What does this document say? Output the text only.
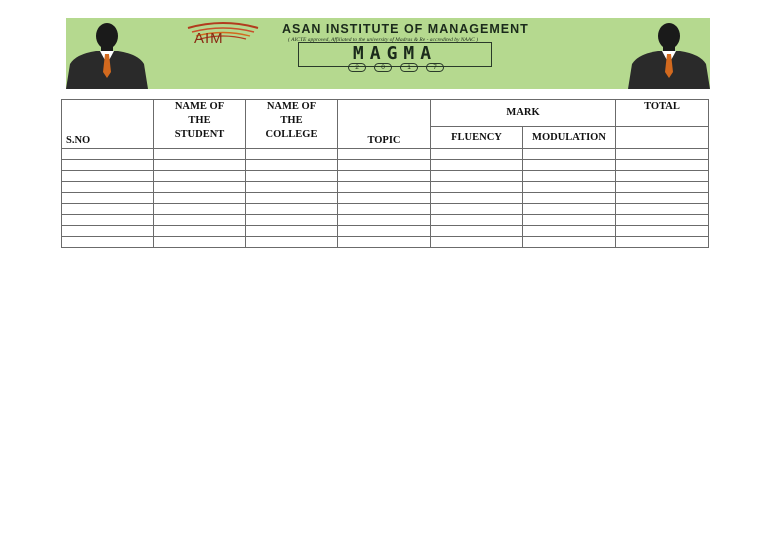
AIM
ASAN INSTITUTE OF MANAGEMENT
( AICTE approved, Affiliated to the university of Madras & Re - accredited by NAAC )
MAGMA
2	0	1	7
S.NO	NAME OF THE STUDENT	NAME OF THE COLLEGE	TOPIC	MARK		TOTAL
				FLUENCY	MODULATION	
